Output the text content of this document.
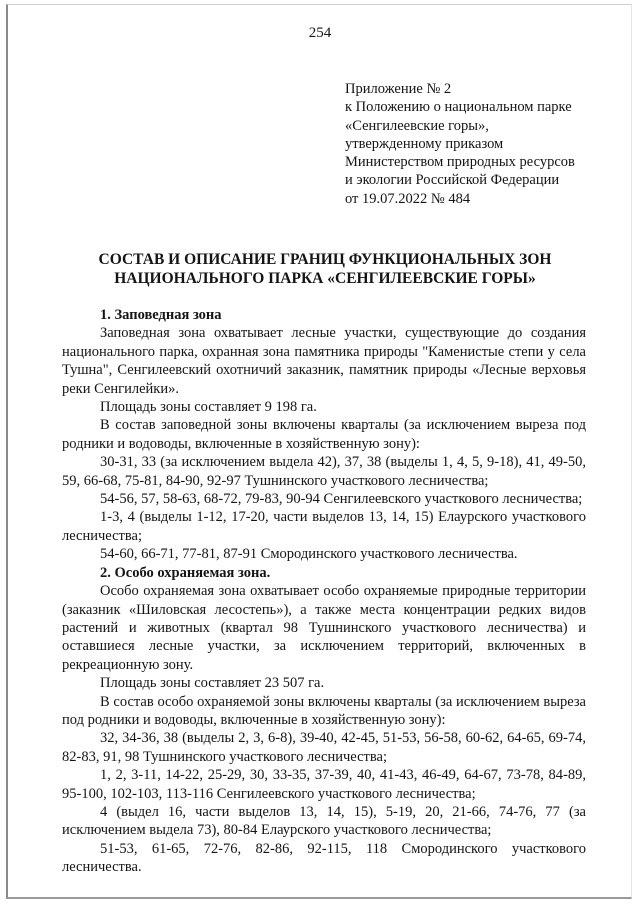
254
Приложение № 2
к Положению о национальном парке
«Сенгилеевские горы»,
утвержденному приказом
Министерством природных ресурсов
и экологии Российской Федерации
от 19.07.2022 № 484
СОСТАВ И ОПИСАНИЕ ГРАНИЦ ФУНКЦИОНАЛЬНЫХ ЗОН
НАЦИОНАЛЬНОГО ПАРКА «СЕНГИЛЕЕВСКИЕ ГОРЫ»

1. Заповедная зона

Заповедная зона охватывает лесные участки, существующие до создания национального парка, охранная зона памятника природы "Каменистые степи у села Тушна", Сенгилеевский охотничий заказник, памятник природы «Лесные верховья реки Сенгилейки».

Площадь зоны составляет 9 198 га.

В состав заповедной зоны включены кварталы (за исключением выреза под родники и водоводы, включенные в хозяйственную зону):

30-31, 33 (за исключением выдела 42), 37, 38 (выделы 1, 4, 5, 9-18), 41, 49-50, 59, 66-68, 75-81, 84-90, 92-97 Тушнинского участкового лесничества;

54-56, 57, 58-63, 68-72, 79-83, 90-94 Сенгилеевского участкового лесничества;

1-3, 4 (выделы 1-12, 17-20, части выделов 13, 14, 15) Елаурского участкового лесничества;

54-60, 66-71, 77-81, 87-91 Смородинского участкового лесничества.

2. Особо охраняемая зона.

Особо охраняемая зона охватывает особо охраняемые природные территории (заказник «Шиловская лесостепь»), а также места концентрации редких видов растений и животных (квартал 98 Тушнинского участкового лесничества) и оставшиеся лесные участки, за исключением территорий, включенных в рекреационную зону.

Площадь зоны составляет 23 507 га.

В состав особо охраняемой зоны включены кварталы (за исключением выреза под родники и водоводы, включенные в хозяйственную зону):

32, 34-36, 38 (выделы 2, 3, 6-8), 39-40, 42-45, 51-53, 56-58, 60-62, 64-65, 69-74, 82-83, 91, 98 Тушнинского участкового лесничества;

1, 2, 3-11, 14-22, 25-29, 30, 33-35, 37-39, 40, 41-43, 46-49, 64-67, 73-78, 84-89, 95-100, 102-103, 113-116 Сенгилеевского участкового лесничества;

4 (выдел 16, части выделов 13, 14, 15), 5-19, 20, 21-66, 74-76, 77 (за исключением выдела 73), 80-84 Елаурского участкового лесничества;

51-53, 61-65, 72-76, 82-86, 92-115, 118 Смородинского участкового лесничества.
